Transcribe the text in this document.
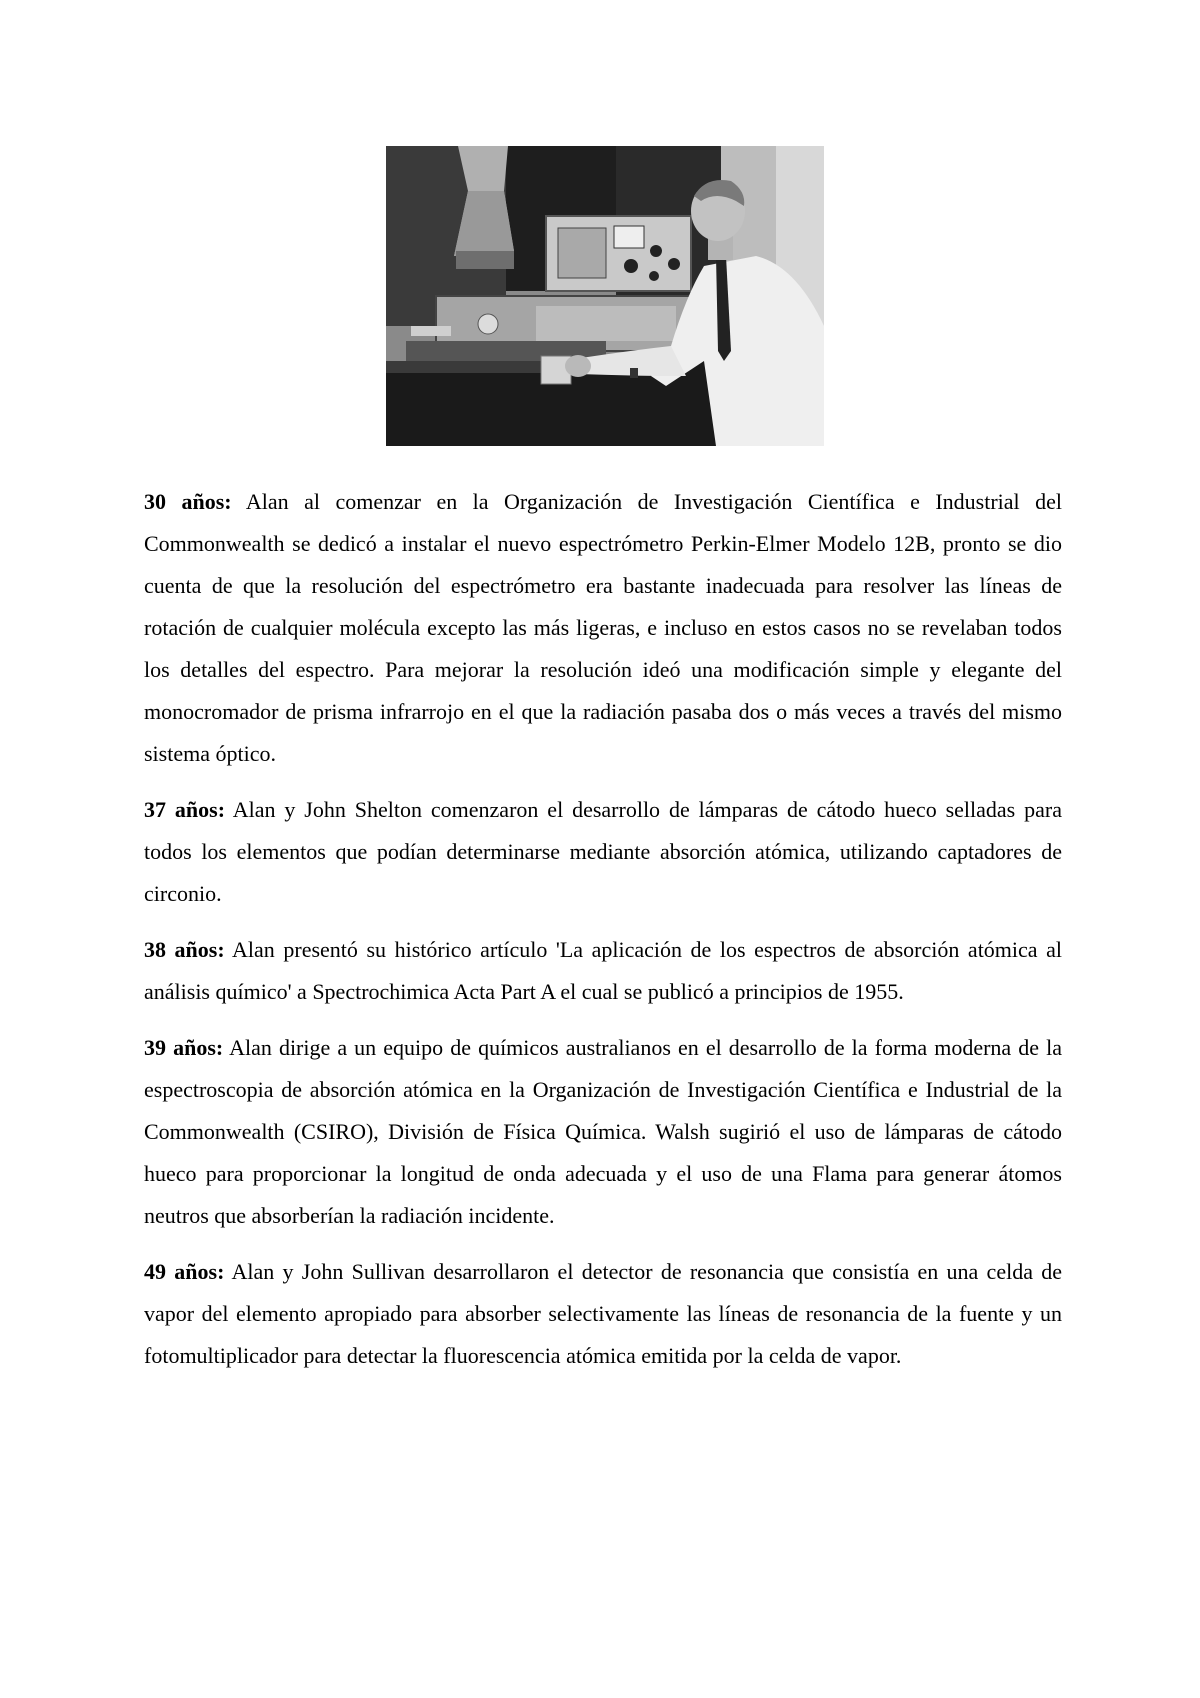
30 años: Alan al comenzar en la Organización de Investigación Científica e Industrial del Commonwealth se dedicó a instalar el nuevo espectrómetro Perkin-Elmer Modelo 12B, pronto se dio cuenta de que la resolución del espectrómetro era bastante inadecuada para resolver las líneas de rotación de cualquier molécula excepto las más ligeras, e incluso en estos casos no se revelaban todos los detalles del espectro. Para mejorar la resolución ideó una modificación simple y elegante del monocromador de prisma infrarrojo en el que la radiación pasaba dos o más veces a través del mismo sistema óptico.

37 años: Alan y John Shelton comenzaron el desarrollo de lámparas de cátodo hueco selladas para todos los elementos que podían determinarse mediante absorción atómica, utilizando captadores de circonio.

38 años: Alan presentó su histórico artículo 'La aplicación de los espectros de absorción atómica al análisis químico' a Spectrochimica Acta Part A el cual se publicó a principios de 1955.

39 años: Alan dirige a un equipo de químicos australianos en el desarrollo de la forma moderna de la espectroscopia de absorción atómica en la Organización de Investigación Científica e Industrial de la Commonwealth (CSIRO), División de Física Química. Walsh sugirió el uso de lámparas de cátodo hueco para proporcionar la longitud de onda adecuada y el uso de una Flama para generar átomos neutros que absorberían la radiación incidente.

49 años: Alan y John Sullivan desarrollaron el detector de resonancia que consistía en una celda de vapor del elemento apropiado para absorber selectivamente las líneas de resonancia de la fuente y un fotomultiplicador para detectar la fluorescencia atómica emitida por la celda de vapor.
